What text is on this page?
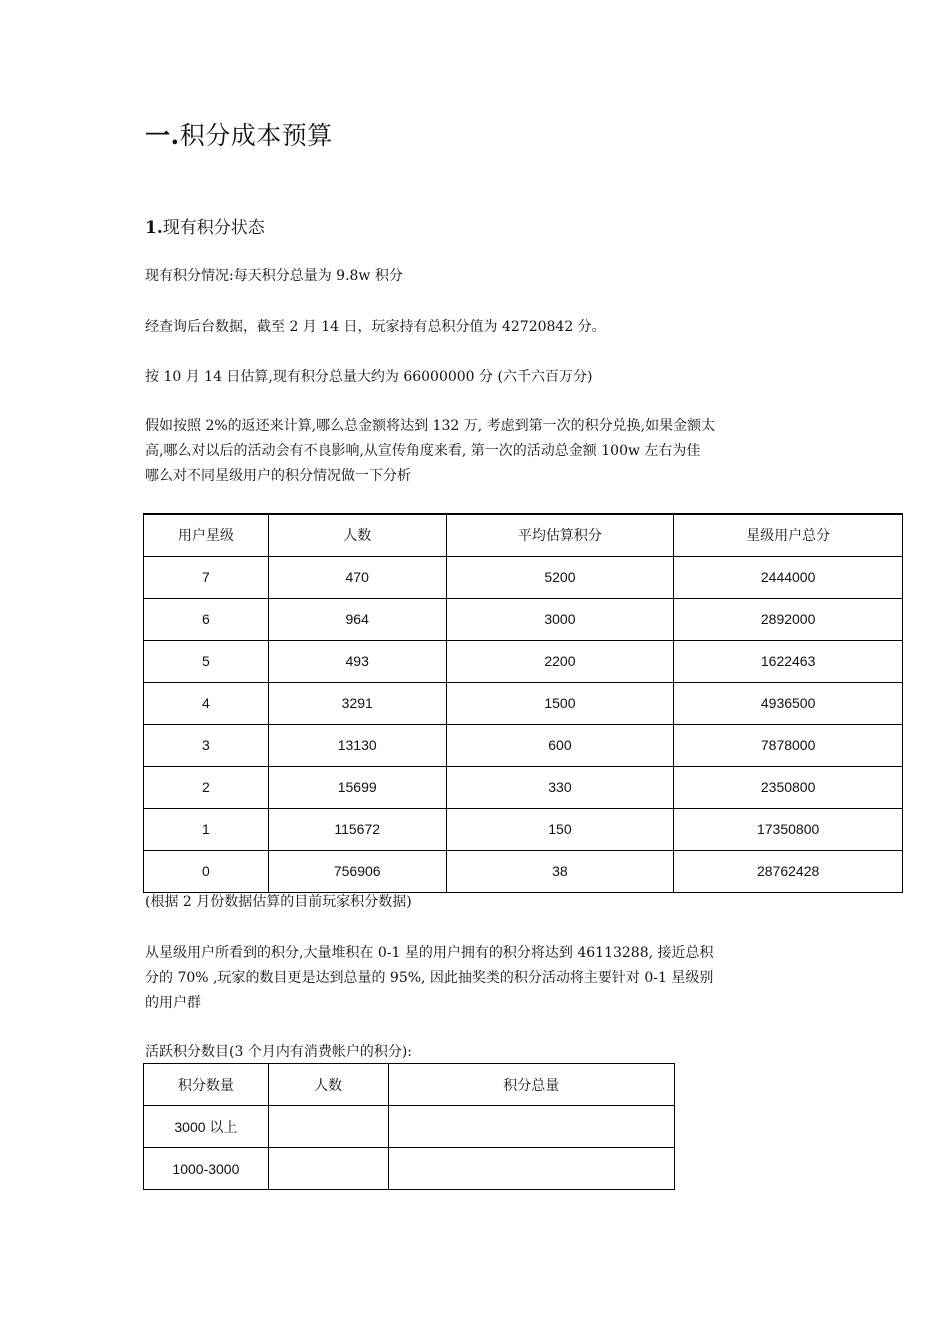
一.积分成本预算
1.现有积分状态

现有积分情况:每天积分总量为 9.8w 积分

经查询后台数据，截至 2 月 14 日，玩家持有总积分值为 42720842 分。

按 10 月 14 日估算,现有积分总量大约为 66000000 分 (六千六百万分)

假如按照 2%的返还来计算,哪么总金额将达到 132 万, 考虑到第一次的积分兑换,如果金额太
高,哪么对以后的活动会有不良影响,从宣传角度来看, 第一次的活动总金额 100w 左右为佳
哪么对不同星级用户的积分情况做一下分析
用户星级	人数	平均估算积分	星级用户总分
7	470	5200	2444000
6	964	3000	2892000
5	493	2200	1622463
4	3291	1500	4936500
3	13130	600	7878000
2	15699	330	2350800
1	115672	150	17350800
0	756906	38	28762428

(根据 2 月份数据估算的目前玩家积分数据)

从星级用户所看到的积分,大量堆积在 0-1 星的用户拥有的积分将达到 46113288, 接近总积
分的 70% ,玩家的数目更是达到总量的 95%, 因此抽奖类的积分活动将主要针对 0-1 星级别
的用户群

活跃积分数目(3 个月内有消费帐户的积分):

积分数量	人数	积分总量
3000 以上		
1000-3000		
